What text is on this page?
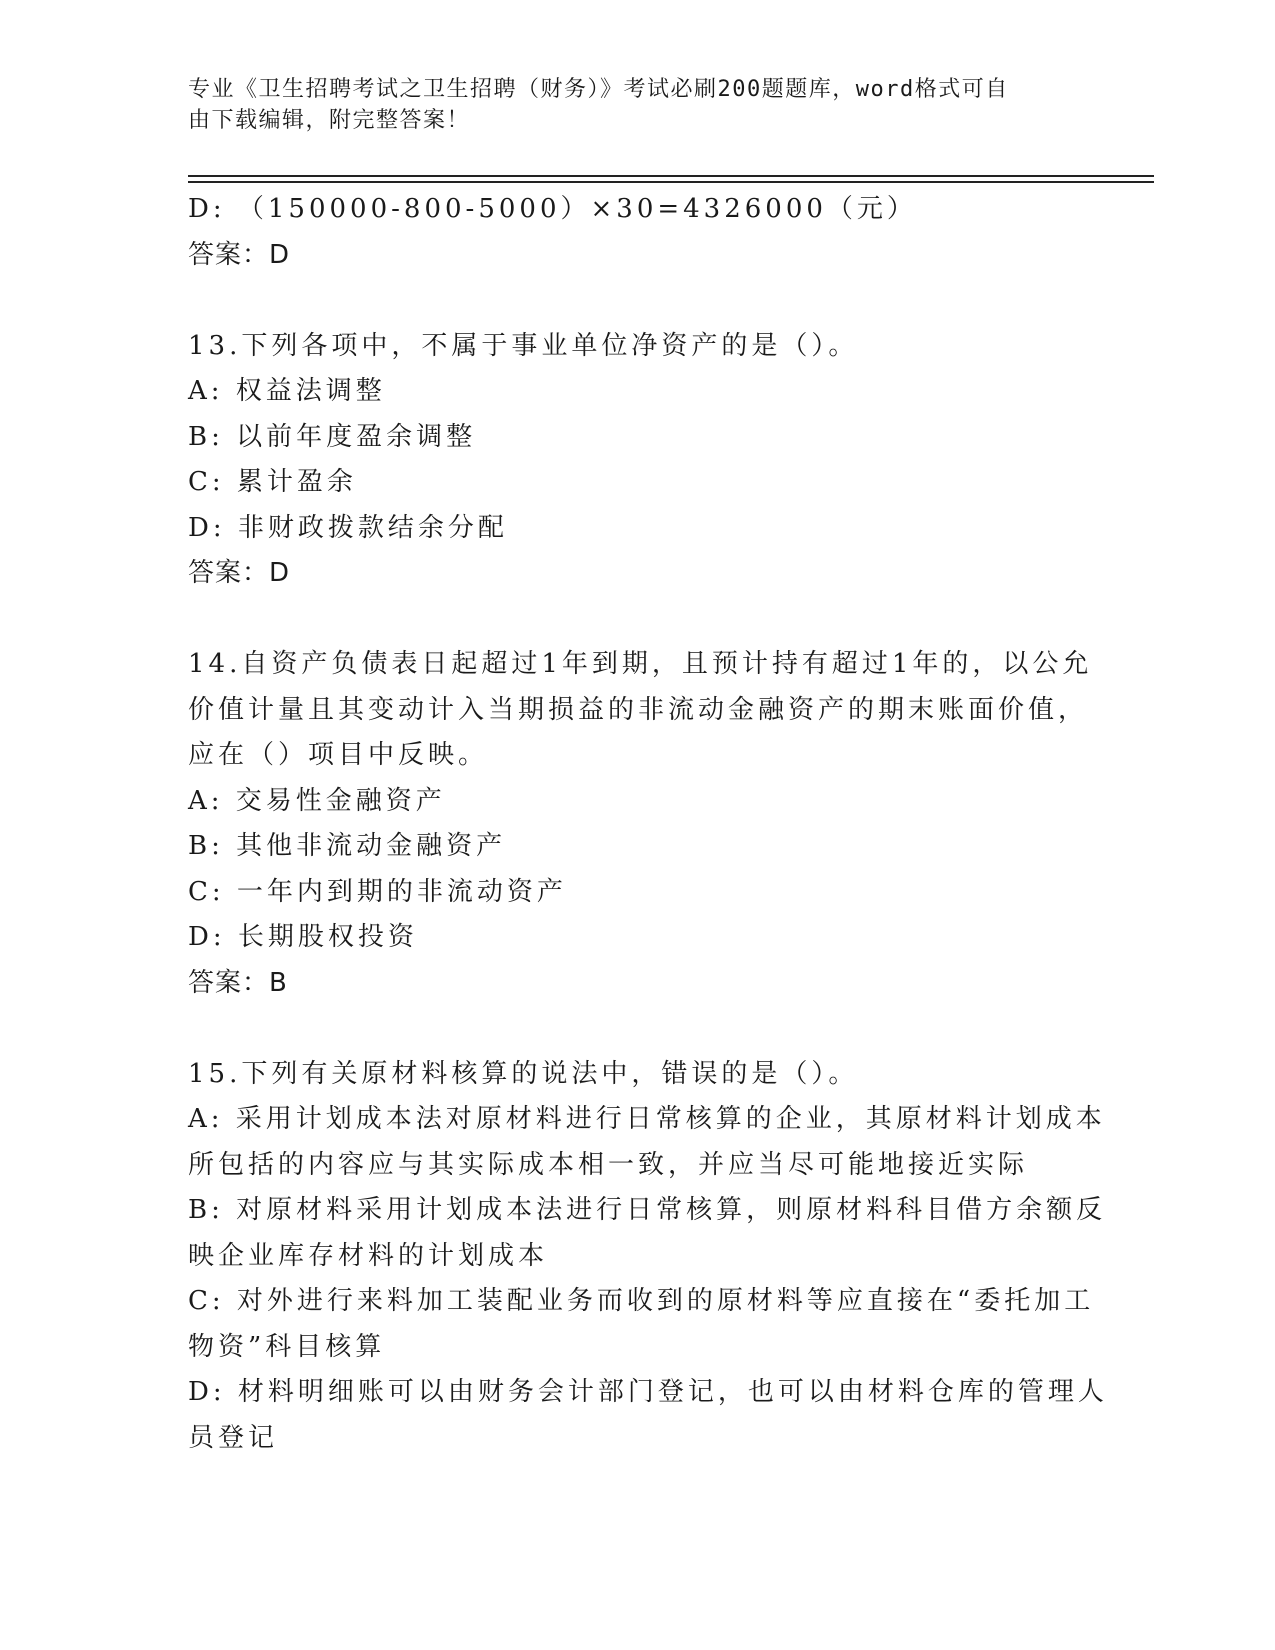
专业《卫生招聘考试之卫生招聘（财务）》考试必刷200题题库，word格式可自
由下载编辑，附完整答案！
D: （150000-800-5000）×30=4326000（元）
答案：D
13.下列各项中，不属于事业单位净资产的是（）。
A: 权益法调整
B: 以前年度盈余调整
C: 累计盈余
D: 非财政拨款结余分配
答案：D
14.自资产负债表日起超过1年到期，且预计持有超过1年的，以公允
价值计量且其变动计入当期损益的非流动金融资产的期末账面价值，
应在（）项目中反映。
A: 交易性金融资产
B: 其他非流动金融资产
C: 一年内到期的非流动资产
D: 长期股权投资
答案：B
15.下列有关原材料核算的说法中，错误的是（）。
A: 采用计划成本法对原材料进行日常核算的企业，其原材料计划成本
所包括的内容应与其实际成本相一致，并应当尽可能地接近实际
B: 对原材料采用计划成本法进行日常核算，则原材料科目借方余额反
映企业库存材料的计划成本
C: 对外进行来料加工装配业务而收到的原材料等应直接在“委托加工
物资”科目核算
D: 材料明细账可以由财务会计部门登记，也可以由材料仓库的管理人
员登记
